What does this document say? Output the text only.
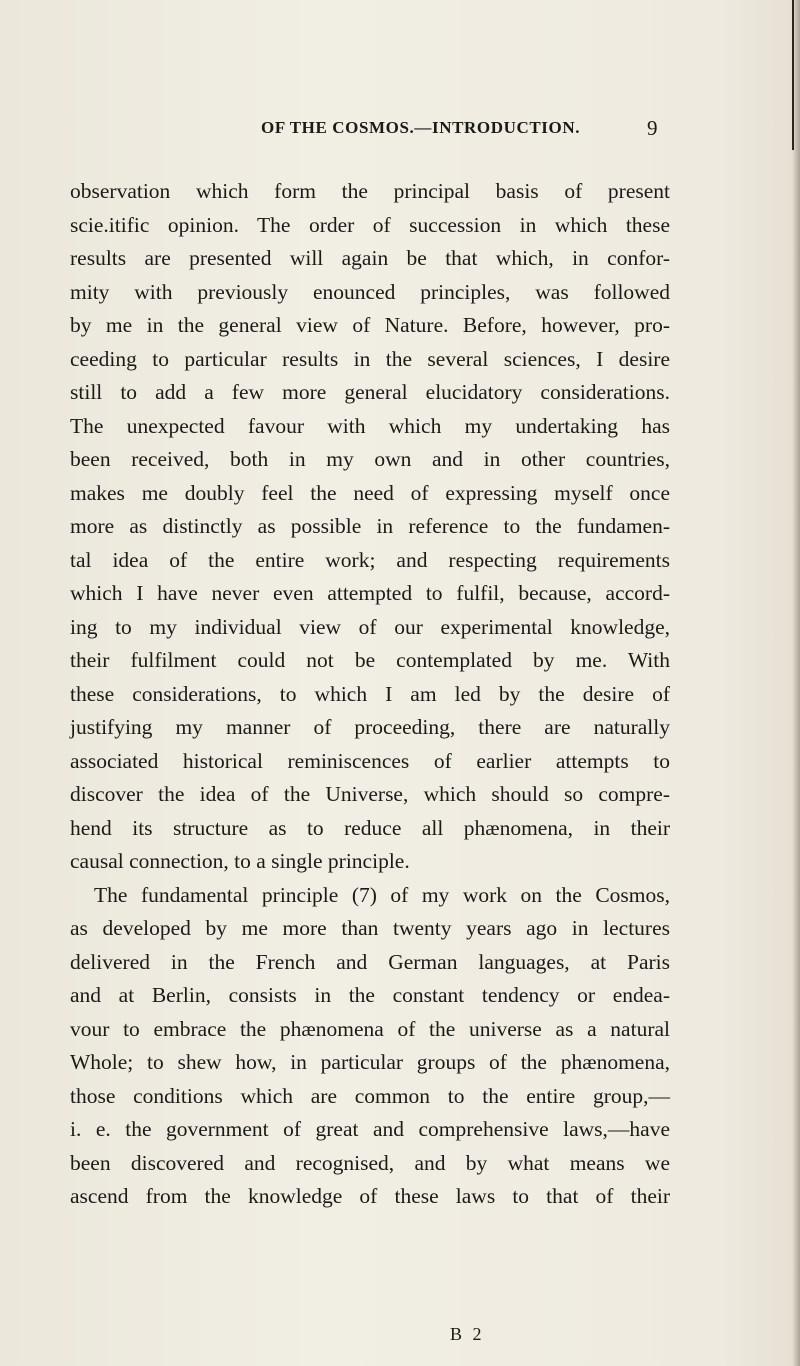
OF THE COSMOS.—INTRODUCTION.	9
observation which form the principal basis of present
scie.itific opinion. The order of succession in which these
results are presented will again be that which, in confor-
mity with previously enounced principles, was followed
by me in the general view of Nature. Before, however, pro-
ceeding to particular results in the several sciences, I desire
still to add a few more general elucidatory considerations.
The unexpected favour with which my undertaking has
been received, both in my own and in other countries,
makes me doubly feel the need of expressing myself once
more as distinctly as possible in reference to the fundamen-
tal idea of the entire work; and respecting requirements
which I have never even attempted to fulfil, because, accord-
ing to my individual view of our experimental knowledge,
their fulfilment could not be contemplated by me. With
these considerations, to which I am led by the desire of
justifying my manner of proceeding, there are naturally
associated historical reminiscences of earlier attempts to
discover the idea of the Universe, which should so compre-
hend its structure as to reduce all phænomena, in their
causal connection, to a single principle.
The fundamental principle (7) of my work on the Cosmos,
as developed by me more than twenty years ago in lectures
delivered in the French and German languages, at Paris
and at Berlin, consists in the constant tendency or endea-
vour to embrace the phænomena of the universe as a natural
Whole; to shew how, in particular groups of the phænomena,
those conditions which are common to the entire group,—
i. e. the government of great and comprehensive laws,—have
been discovered and recognised, and by what means we
ascend from the knowledge of these laws to that of their
B 2
